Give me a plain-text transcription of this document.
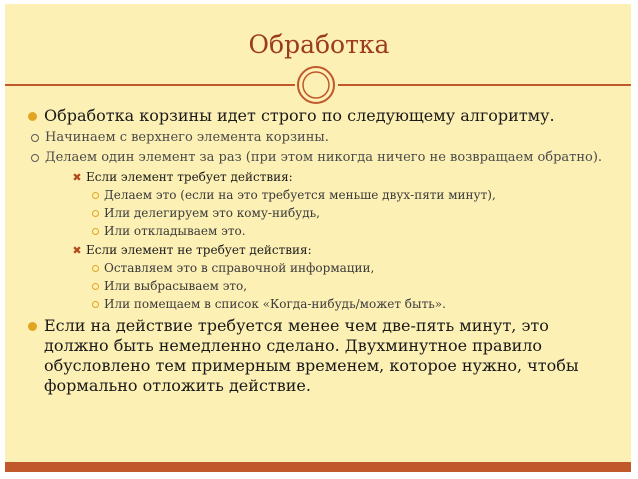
Обработка
Обработка корзины идет строго по следующему алгоритму.
Начинаем с верхнего элемента корзины.
Делаем один элемент за раз (при этом никогда ничего не возвращаем обратно).
✖ Если элемент требует действия:
Делаем это (если на это требуется меньше двух-пяти минут),
Или делегируем это кому-нибудь,
Или откладываем это.
✖ Если элемент не требует действия:
Оставляем это в справочной информации,
Или выбрасываем это,
Или помещаем в список «Когда-нибудь/может быть».
Если на действие требуется менее чем две-пять минут, это должно быть немедленно сделано. Двухминутное правило обусловлено тем примерным временем, которое нужно, чтобы формально отложить действие.
